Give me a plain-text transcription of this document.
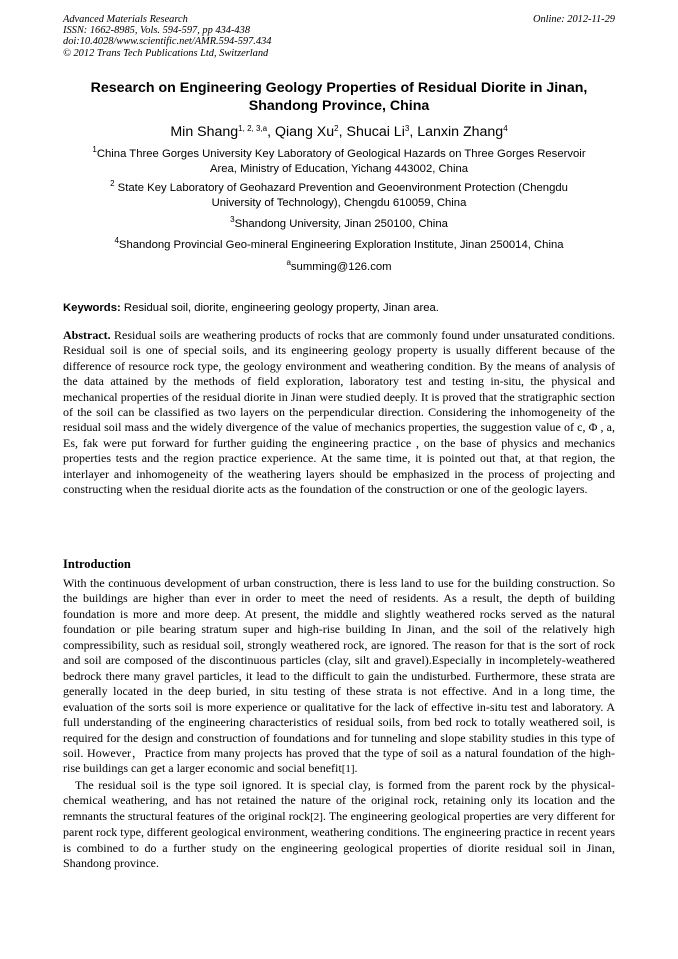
Advanced Materials Research	Online: 2012-11-29
ISSN: 1662-8985, Vols. 594-597, pp 434-438
doi:10.4028/www.scientific.net/AMR.594-597.434
© 2012 Trans Tech Publications Ltd, Switzerland
Research on Engineering Geology Properties of Residual Diorite in Jinan,
Shandong Province, China
Min Shang$^{1, 2, 3,a}$, Qiang Xu$^2$, Shucai Li$^3$, Lanxin Zhang$^4$
$^1$China Three Gorges University Key Laboratory of Geological Hazards on Three Gorges Reservoir
Area, Ministry of Education, Yichang 443002, China
$^2$ State Key Laboratory of Geohazard Prevention and Geoenvironment Protection (Chengdu
University of Technology), Chengdu 610059, China
$^3$Shandong University, Jinan 250100, China
$^4$Shandong Provincial Geo-mineral Engineering Exploration Institute, Jinan 250014, China
$^a$summing@126.com
Keywords: Residual soil, diorite, engineering geology property, Jinan area.
Abstract. Residual soils are weathering products of rocks that are commonly found under unsaturated conditions. Residual soil is one of special soils, and its engineering geology property is usually different because of the difference of resource rock type, the geology environment and weathering condition. By the means of analysis of the data attained by the methods of field exploration, laboratory test and testing in-situ, the physical and mechanical properties of the residual diorite in Jinan were studied deeply. It is proved that the stratigraphic section of the soil can be classified as two layers on the perpendicular direction. Considering the inhomogeneity of the residual soil mass and the widely divergence of the value of mechanics properties, the suggestion value of c, Φ , a, Es, fak were put forward for further guiding the engineering practice , on the base of physics and mechanics properties tests and the region practice experience. At the same time, it is pointed out that, at that region, the interlayer and inhomogeneity of the weathering layers should be emphasized in the process of projecting and constructing when the residual diorite acts as the foundation of the construction or one of the geologic layers.
Introduction

With the continuous development of urban construction, there is less land to use for the building construction. So the buildings are higher than ever in order to meet the need of residents. As a result, the depth of building foundation is more and more deep. At present, the middle and slightly weathered rocks served as the natural foundation or pile bearing stratum super and high-rise building In Jinan, and the soil of the relatively high compressibility, such as residual soil, strongly weathered rock, are ignored. The reason for that is the sort of rock and soil are composed of the discontinuous particles (clay, silt and gravel).Especially in incompletely-weathered bedrock there many gravel particles, it lead to the difficult to gain the undisturbed. Furthermore, these strata are generally located in the deep buried, in situ testing of these strata is not effective. And in a long time, the evaluation of the sorts soil is more experience or qualitative for the lack of effective in-situ test and laboratory. A full understanding of the engineering characteristics of residual soils, from bed rock to totally weathered soil, is required for the design and construction of foundations and for tunneling and slope stability studies in this type of soil. However，Practice from many projects has proved that the type of soil as a natural foundation of the high-rise buildings can get a larger economic and social benefit[1].

The residual soil is the type soil ignored. It is special clay, is formed from the parent rock by the physical- chemical weathering, and has not retained the nature of the original rock, retaining only its location and the remnants the structural features of the original rock[2]. The engineering geological properties are very different for parent rock type, different geological environment, weathering conditions. The engineering practice in recent years is combined to do a further study on the engineering geological properties of diorite residual soil in Jinan, Shandong province.
